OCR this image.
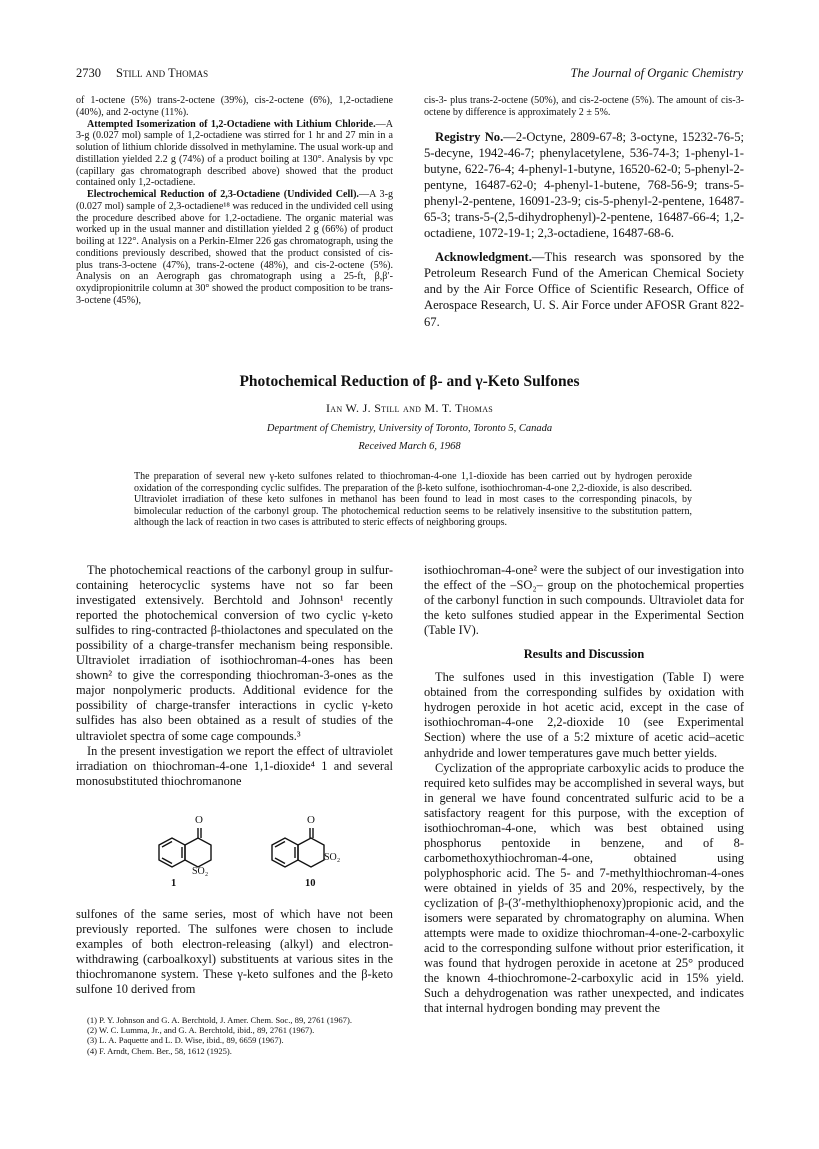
2730 Still and Thomas	The Journal of Organic Chemistry

of 1-octene (5%) trans-2-octene (39%), cis-2-octene (6%), 1,2-octadiene (40%), and 2-octyne (11%).

Attempted Isomerization of 1,2-Octadiene with Lithium Chloride.—A 3-g (0.027 mol) sample of 1,2-octadiene was stirred for 1 hr and 27 min in a solution of lithium chloride dissolved in methylamine. The usual work-up and distillation yielded 2.2 g (74%) of a product boiling at 130°. Analysis by vpc (capillary gas chromatograph described above) showed that the product contained only 1,2-octadiene.

Electrochemical Reduction of 2,3-Octadiene (Undivided Cell).—A 3-g (0.027 mol) sample of 2,3-octadiene¹⁸ was reduced in the undivided cell using the procedure described above for 1,2-octadiene. The organic material was worked up in the usual manner and distillation yielded 2 g (66%) of product boiling at 122°. Analysis on a Perkin-Elmer 226 gas chromatograph, using the conditions previously described, showed that the product consisted of cis- plus trans-3-octene (47%), trans-2-octene (48%), and cis-2-octene (5%). Analysis on an Aerograph gas chromatograph using a 25-ft, β,β′-oxydipropionitrile column at 30° showed the product composition to be trans-3-octene (45%),

cis-3- plus trans-2-octene (50%), and cis-2-octene (5%). The amount of cis-3-octene by difference is approximately 2 ± 5%.

Registry No.—2-Octyne, 2809-67-8; 3-octyne, 15232-76-5; 5-decyne, 1942-46-7; phenylacetylene, 536-74-3; 1-phenyl-1-butyne, 622-76-4; 4-phenyl-1-butyne, 16520-62-0; 5-phenyl-2-pentyne, 16487-62-0; 4-phenyl-1-butene, 768-56-9; trans-5-phenyl-2-pentene, 16091-23-9; cis-5-phenyl-2-pentene, 16487-65-3; trans-5-(2,5-dihydrophenyl)-2-pentene, 16487-66-4; 1,2-octadiene, 1072-19-1; 2,3-octadiene, 16487-68-6.

Acknowledgment.—This research was sponsored by the Petroleum Research Fund of the American Chemical Society and by the Air Force Office of Scientific Research, Office of Aerospace Research, U. S. Air Force under AFOSR Grant 822-67.

Photochemical Reduction of β- and γ-Keto Sulfones
Ian W. J. Still and M. T. Thomas
Department of Chemistry, University of Toronto, Toronto 5, Canada
Received March 6, 1968
The preparation of several new γ-keto sulfones related to thiochroman-4-one 1,1-dioxide has been carried out by hydrogen peroxide oxidation of the corresponding cyclic sulfides. The preparation of the β-keto sulfone, isothiochroman-4-one 2,2-dioxide, is also described. Ultraviolet irradiation of these keto sulfones in methanol has been found to lead in most cases to the corresponding pinacols, by bimolecular reduction of the carbonyl group. The photochemical reduction seems to be relatively insensitive to the substitution pattern, although the lack of reaction in two cases is attributed to steric effects of neighboring groups.

The photochemical reactions of the carbonyl group in sulfur-containing heterocyclic systems have not so far been investigated extensively. Berchtold and Johnson¹ recently reported the photochemical conversion of two cyclic γ-keto sulfides to ring-contracted β-thiolactones and speculated on the possibility of a charge-transfer mechanism being responsible. Ultraviolet irradiation of isothiochroman-4-ones has been shown² to give the corresponding thiochroman-3-ones as the major nonpolymeric products. Additional evidence for the possibility of charge-transfer interactions in cyclic γ-keto sulfides has also been obtained as a result of studies of the ultraviolet spectra of some cage compounds.³

In the present investigation we report the effect of ultraviolet irradiation on thiochroman-4-one 1,1-dioxide⁴ 1 and several monosubstituted thiochromanone

O	O
SO₂
SO₂
1	10

sulfones of the same series, most of which have not been previously reported. The sulfones were chosen to include examples of both electron-releasing (alkyl) and electron-withdrawing (carboalkoxyl) substituents at various sites in the thiochromanone system. These γ-keto sulfones and the β-keto sulfone 10 derived from

(1) P. Y. Johnson and G. A. Berchtold, J. Amer. Chem. Soc., 89, 2761 (1967).

(2) W. C. Lumma, Jr., and G. A. Berchtold, ibid., 89, 2761 (1967).

(3) L. A. Paquette and L. D. Wise, ibid., 89, 6659 (1967).

(4) F. Arndt, Chem. Ber., 58, 1612 (1925).

isothiochroman-4-one² were the subject of our investigation into the effect of the –SO₂– group on the photochemical properties of the carbonyl function in such compounds. Ultraviolet data for the keto sulfones studied appear in the Experimental Section (Table IV).

Results and Discussion

The sulfones used in this investigation (Table I) were obtained from the corresponding sulfides by oxidation with hydrogen peroxide in hot acetic acid, except in the case of isothiochroman-4-one 2,2-dioxide 10 (see Experimental Section) where the use of a 5:2 mixture of acetic acid–acetic anhydride and lower temperatures gave much better yields.

Cyclization of the appropriate carboxylic acids to produce the required keto sulfides may be accomplished in several ways, but in general we have found concentrated sulfuric acid to be a satisfactory reagent for this purpose, with the exception of isothiochroman-4-one, which was best obtained using phosphorus pentoxide in benzene, and of 8-carbomethoxythiochroman-4-one, obtained using polyphosphoric acid. The 5- and 7-methylthiochroman-4-ones were obtained in yields of 35 and 20%, respectively, by the cyclization of β-(3′-methylthiophenoxy)propionic acid, and the isomers were separated by chromatography on alumina. When attempts were made to oxidize thiochroman-4-one-2-carboxylic acid to the corresponding sulfone without prior esterification, it was found that hydrogen peroxide in acetone at 25° produced the known 4-thiochromone-2-carboxylic acid in 15% yield. Such a dehydrogenation was rather unexpected, and indicates that internal hydrogen bonding may prevent the
